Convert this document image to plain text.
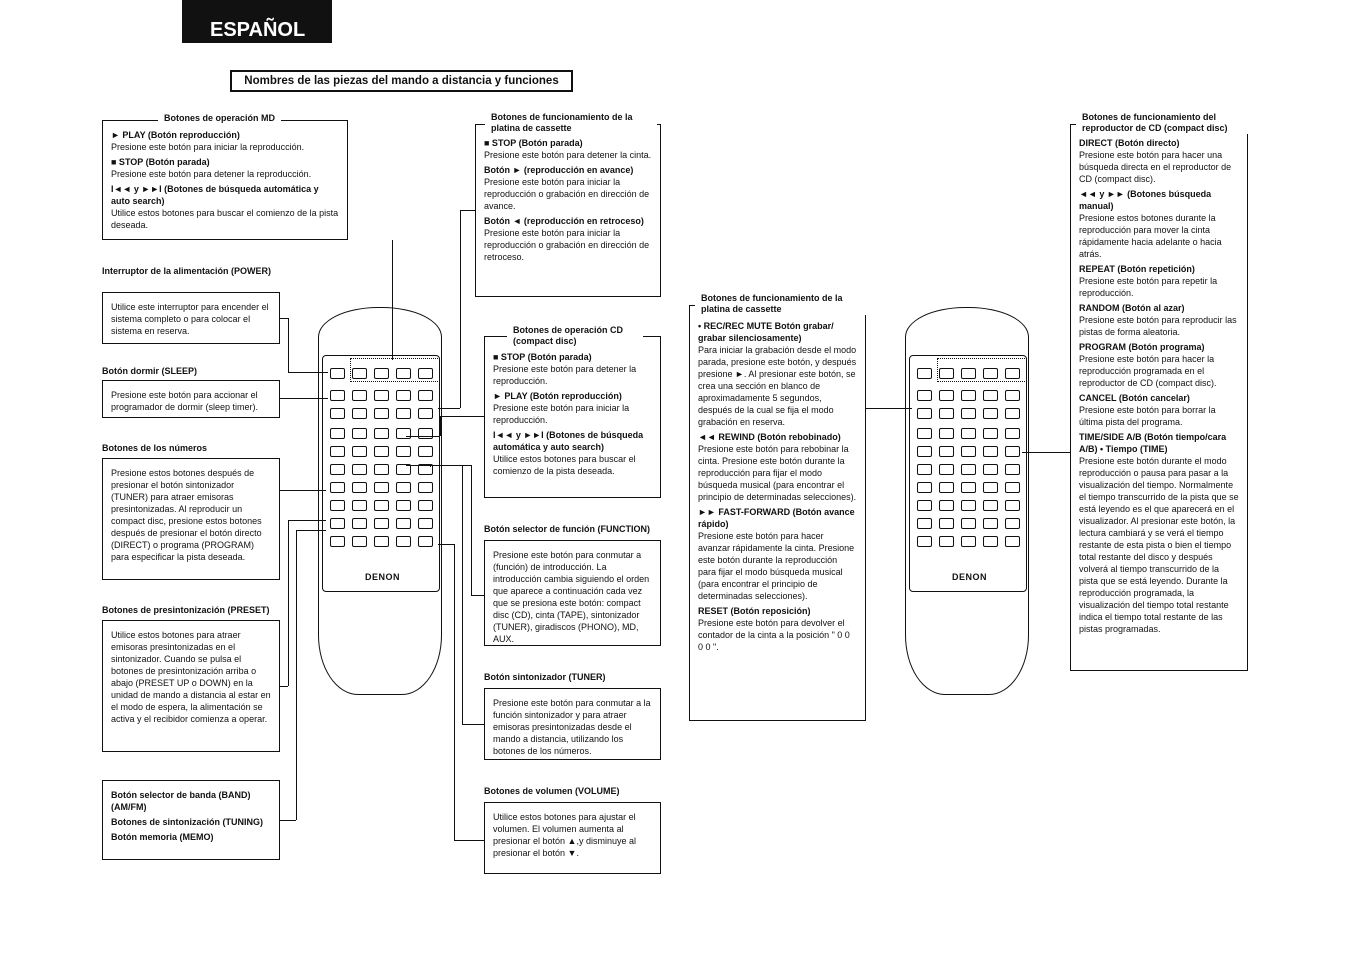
ESPAÑOL
Nombres de las piezas del mando a distancia y funciones

► PLAY (Botón reproducción)
Presione este botón para iniciar la reproducción.

■ STOP (Botón parada)
Presione este botón para detener la reproducción.

I◄◄ y ►►I (Botones de búsqueda automática y auto search)
Utilice estos botones para buscar el comienzo de la pista deseada.

Botones de operación MD
Interruptor de la alimentación (POWER)
Utilice este interruptor para encender el sistema completo o para colocar el sistema en reserva.
Botón dormir (SLEEP)
Presione este botón para accionar el programador de dormir (sleep timer).
Botones de los números
Presione estos botones después de presionar el botón sintonizador (TUNER) para atraer emisoras presintonizadas. Al reproducir un compact disc, presione estos botones después de presionar el botón directo (DIRECT) o programa (PROGRAM) para especificar la pista deseada.
Botones de presintonización (PRESET)
Utilice estos botones para atraer emisoras presintonizadas en el sintonizador. Cuando se pulsa el botones de presintonización arriba o abajo (PRESET UP o DOWN) en la unidad de mando a distancia al estar en el modo de espera, la alimentación se activa y el recibidor comienza a operar.

Botón selector de banda (BAND) (AM/FM)

Botones de sintonización (TUNING)

Botón memoria (MEMO)

■ STOP (Botón parada)
Presione este botón para detener la cinta.

Botón ► (reproducción en avance)
Presione este botón para iniciar la reproducción o grabación en dirección de avance.

Botón ◄ (reproducción en retroceso)
Presione este botón para iniciar la reproducción o grabación en dirección de retroceso.

Botones de funcionamiento de la platina de cassette

■ STOP (Botón parada)
Presione este botón para detener la reproducción.

► PLAY (Botón reproducción)
Presione este botón para iniciar la reproducción.

I◄◄ y ►►I (Botones de búsqueda automática y auto search)
Utilice estos botones para buscar el comienzo de la pista deseada.

Botones de operación CD (compact disc)
Botón selector de función (FUNCTION)
Presione este botón para conmutar a (función) de introducción. La introducción cambia siguiendo el orden que aparece a continuación cada vez que se presiona este botón: compact disc (CD), cinta (TAPE), sintonizador (TUNER), giradiscos (PHONO), MD, AUX.
Botón sintonizador (TUNER)
Presione este botón para conmutar a la función sintonizador y para atraer emisoras presintonizadas desde el mando a distancia, utilizando los botones de los números.
Botones de volumen (VOLUME)
Utilice estos botones para ajustar el volumen. El volumen aumenta al presionar el botón ▲,y disminuye al presionar el botón ▼.

• REC/REC MUTE Botón grabar/ grabar silenciosamente)
Para iniciar la grabación desde el modo parada, presione este botón, y después presione ►. Al presionar este botón, se crea una sección en blanco de aproximadamente 5 segundos, después de la cual se fija el modo grabación en reserva.

◄◄ REWIND (Botón rebobinado)
Presione este botón para rebobinar la cinta. Presione este botón durante la reproducción para fijar el modo búsqueda musical (para encontrar el principio de determinadas selecciones).

►► FAST-FORWARD (Botón avance rápido)
Presione este botón para hacer avanzar rápidamente la cinta. Presione este botón durante la reproducción para fijar el modo búsqueda musical (para encontrar el principio de determinadas selecciones).

RESET (Botón reposición)
Presione este botón para devolver el contador de la cinta a la posición " 0 0 0 0 ".

Botones de funcionamiento de la platina de cassette

DIRECT (Botón directo)
Presione este botón para hacer una búsqueda directa en el reproductor de CD (compact disc).

◄◄ y ►► (Botones búsqueda manual)
Presione estos botones durante la reproducción para mover la cinta rápidamente hacia adelante o hacia atrás.

REPEAT (Botón repetición)
Presione este botón para repetir la reproducción.

RANDOM (Botón al azar)
Presione este botón para reproducir las pistas de forma aleatoria.

PROGRAM (Botón programa)
Presione este botón para hacer la reproducción programada en el reproductor de CD (compact disc).

CANCEL (Botón cancelar)
Presione este botón para borrar la última pista del programa.

TIME/SIDE A/B (Botón tiempo/cara A/B) • Tiempo (TIME)
Presione este botón durante el modo reproducción o pausa para pasar a la visualización del tiempo. Normalmente el tiempo transcurrido de la pista que se está leyendo es el que aparecerá en el visualizador. Al presionar este botón, la lectura cambiará y se verá el tiempo restante de esta pista o bien el tiempo total restante del disco y después volverá al tiempo transcurrido de la pista que se está leyendo. Durante la reproducción programada, la visualización del tiempo total restante indica el tiempo total restante de las pistas programadas.

Botones de funcionamiento del reproductor de CD (compact disc)
DENON	DENON
